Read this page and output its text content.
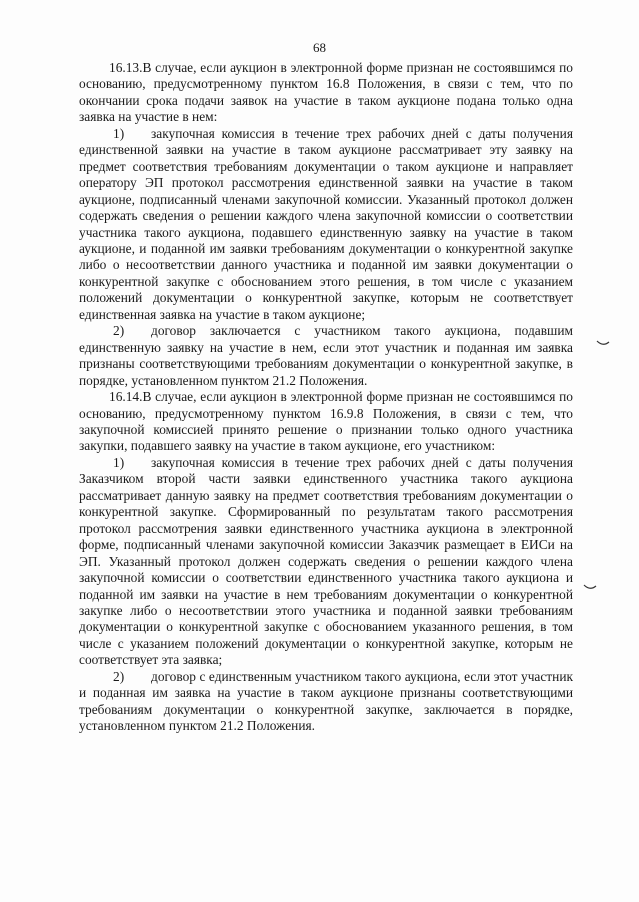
68

16.13.В случае, если аукцион в электронной форме признан не состоявшимся по основанию, предусмотренному пунктом 16.8 Положения, в связи с тем, что по окончании срока подачи заявок на участие в таком аукционе подана только одна заявка на участие в нем:

1) закупочная комиссия в течение трех рабочих дней с даты получения единственной заявки на участие в таком аукционе рассматривает эту заявку на предмет соответствия требованиям документации о таком аукционе и направляет оператору ЭП протокол рассмотрения единственной заявки на участие в таком аукционе, подписанный членами закупочной комиссии. Указанный протокол должен содержать сведения о решении каждого члена закупочной комиссии о соответствии участника такого аукциона, подавшего единственную заявку на участие в таком аукционе, и поданной им заявки требованиям документации о конкурентной закупке либо о несоответствии данного участника и поданной им заявки документации о конкурентной закупке с обоснованием этого решения, в том числе с указанием положений документации о конкурентной закупке, которым не соответствует единственная заявка на участие в таком аукционе;

2) договор заключается с участником такого аукциона, подавшим единственную заявку на участие в нем, если этот участник и поданная им заявка признаны соответствующими требованиям документации о конкурентной закупке, в порядке, установленном пунктом 21.2 Положения.

16.14.В случае, если аукцион в электронной форме признан не состоявшимся по основанию, предусмотренному пунктом 16.9.8 Положения, в связи с тем, что закупочной комиссией принято решение о признании только одного участника закупки, подавшего заявку на участие в таком аукционе, его участником:

1) закупочная комиссия в течение трех рабочих дней с даты получения Заказчиком второй части заявки единственного участника такого аукциона рассматривает данную заявку на предмет соответствия требованиям документации о конкурентной закупке. Сформированный по результатам такого рассмотрения протокол рассмотрения заявки единственного участника аукциона в электронной форме, подписанный членами закупочной комиссии Заказчик размещает в ЕИСи на ЭП. Указанный протокол должен содержать сведения о решении каждого члена закупочной комиссии о соответствии единственного участника такого аукциона и поданной им заявки на участие в нем требованиям документации о конкурентной закупке либо о несоответствии этого участника и поданной заявки требованиям документации о конкурентной закупке с обоснованием указанного решения, в том числе с указанием положений документации о конкурентной закупке, которым не соответствует эта заявка;

2) договор с единственным участником такого аукциона, если этот участник и поданная им заявка на участие в таком аукционе признаны соответствующими требованиям документации о конкурентной закупке, заключается в порядке, установленном пунктом 21.2 Положения.
